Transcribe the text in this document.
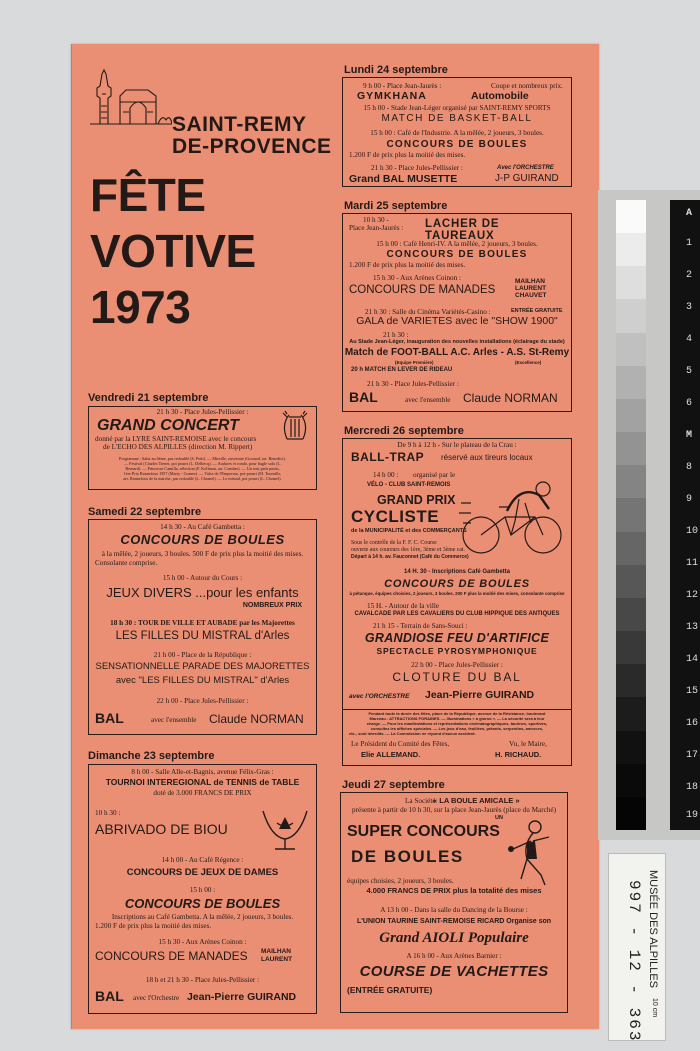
SAINT-REMY
DE-PROVENCE
FÊTE
VOTIVE
1973
Vendredi 21 septembre
21 h 30 - Place Jules-Pellissier :
GRAND CONCERT
donné par la LYRE SAINT-REMOISE avec le concours
de L'ECHO DES ALPILLES (direction M. Rippert)
Programme : Salut au 6ème, pas redoublé (S. Petit). — Mireille, ouverture (Gounod, arr. Benedict).
— Festival (Charles Trenet, pot pourri (L. Delbecq). — Audaces et rondo, pour bugle solo (L.
Bernard). — Princesse Camilla, sélection (F. Kollman, arr. Combes). — Un tout petit pastis,
1ère Prix Bonnefous 1957 (Marty - Gomez). — Valse de l'Empereur, pot-pourri (M. Tournille,
arr. Bonnefous de la marche, pas redoublé (L. Chomel). — Le mistral, pot pourri (L. Chomel).
Samedi 22 septembre
14 h 30 - Au Café Gambetta :
CONCOURS DE BOULES
à la mêlée, 2 joueurs, 3 boules. 500 F de prix plus la moitié des mises.
Consolante comprise.
15 h 00 - Autour du Cours :
JEUX DIVERS ...pour les enfants
NOMBREUX PRIX
18 h 30 : TOUR DE VILLE ET AUBADE par les Majorettes
LES FILLES DU MISTRAL d'Arles
21 h 00 - Place de la République :
SENSATIONNELLE PARADE DES MAJORETTES
avec "LES FILLES DU MISTRAL" d'Arles
22 h 00 - Place Jules-Pellissier :
BAL	avec l'ensemble Claude NORMAN
Dimanche 23 septembre
8 h 00 - Salle Alle-et-Bagnis, avenue Félix-Gras :
TOURNOI INTEREGIONAL de TENNIS de TABLE
doté de 3.000 FRANCS DE PRIX
10 h 30 :
ABRIVADO DE BIOU
14 h 00 - Au Café Régence :
CONCOURS DE JEUX DE DAMES
15 h 00 :
CONCOURS DE BOULES
Inscriptions au Café Gambetta. A la mêlée, 2 joueurs, 3 boules.
1.200 F de prix plus la moitié des mises.
15 h 30 - Aux Arènes Coinon :
CONCOURS DE MANADES MAILHAN
LAURENT
18 h et 21 h 30 - Place Jules-Pellissier :
BAL avec l'Orchestre Jean-Pierre GUIRAND
Lundi 24 septembre
9 h 00 - Place Jean-Jaurès :	Coupe et nombreux prix.
GYMKHANA	Automobile
15 h 00 - Stade Jean-Léger organisé par SAINT-REMY SPORTS
MATCH DE BASKET-BALL
15 h 00 : Café de l'Industrie. A la mêlée, 2 joueurs, 3 boules.
CONCOURS DE BOULES
1.200 F de prix plus la moitié des mises.
21 h 30 - Place Jules-Pellissier :
Grand BAL MUSETTE
Avec l'ORCHESTRE
J-P GUIRAND
Mardi 25 septembre
10 h 30 -
Place Jean-Jaurès : LACHER DE TAUREAUX
15 h 00 : Café Henri-IV. A la mêlée, 2 joueurs, 3 boules.
CONCOURS DE BOULES
1.200 F de prix plus la moitié des mises.
15 h 30 - Aux Arènes Coinon :
CONCOURS DE MANADES
MAILHAN
LAURENT
CHAUVET
21 h 30 : Salle du Cinéma Variétés-Casino :	ENTRÉE GRATUITE
GALA de VARIETES avec le "SHOW 1900"
21 h 30 :
Au Stade Jean-Léger, inauguration des nouvelles installations (éclairage du stade)
Match de FOOT-BALL A.C. Arles - A.S. St-Remy
(Equipe Première)	(Excellence)
20 h MATCH EN LEVER DE RIDEAU
21 h 30 - Place Jules-Pellissier :
BAL	avec l'ensemble Claude NORMAN
Mercredi 26 septembre
De 9 h à 12 h - Sur le plateau de la Crau :
BALL-TRAP réservé aux tireurs locaux
14 h 00 : organisé par le
VÉLO - CLUB SAINT-REMOIS
GRAND PRIX
CYCLISTE
de la MUNICIPALITÉ et des COMMERÇANTS
Sous le contrôle de la F. F. C. Course
ouverte aux coureurs des 1ère, 3ème et 3ème cat.
Départ à 14 h. av. Fauconnet (Café du Commerce)
14 H. 30 - Inscriptions Café Gambetta
CONCOURS DE BOULES
à pétanque, équipes choisies, 2 joueurs, 3 boules. 200 F plus la moitié des mises, consolante comprise
15 H. - Autour de la ville
CAVALCADE PAR LES CAVALIERS DU CLUB HIPPIQUE DES ANTIQUES
21 h 15 - Terrain de Sans-Souci :
GRANDIOSE FEU D'ARTIFICE
SPECTACLE PYROSYMPHONIQUE
22 h 00 - Place Jules-Pellissier :
CLOTURE DU BAL
avec l'ORCHESTRE Jean-Pierre GUIRAND
Pendant toute la durée des fêtes, place de la République, avenue de la Résistance, boulevard
Marceau : ATTRACTIONS FORAINES. — Illuminations « a giorno ». — La sécurité sera à leur
charge. — Pour les manifestations et représentations cinématographiques, taurines, sportives,
consultez les affiches spéciales. — Les jeux d'eau, feuillées, pétards, serpentins, amorces,
etc., sont interdits. — La Commission ne répond d'aucun accident.
Le Président du Comité des Fêtes,
Elie ALLEMAND.
Vu, le Maire,
H. RICHAUD.
Jeudi 27 septembre
La Société
« LA BOULE AMICALE »
présente à partir de 10 h 30, sur la place Jean-Jaurès (place du Marché)
UN
SUPER CONCOURS
DE BOULES
équipes choisies, 2 joueurs, 3 boules.
4.000 FRANCS DE PRIX plus la totalité des mises
A 13 h 00 - Dans la salle du Dancing de la Bourse :
L'UNION TAURINE SAINT-REMOISE RICARD Organise son
Grand AIOLI Populaire
A 16 h 00 - Aux Arènes Barnier :
COURSE DE VACHETTES
(ENTRÉE GRATUITE)
A
1
2
3
4
5
6
M
8
9
10
11
12
13
14
15
16
17
18
19
MUSÉE DES ALPILLES
997 - 12 - 363 10 cm
